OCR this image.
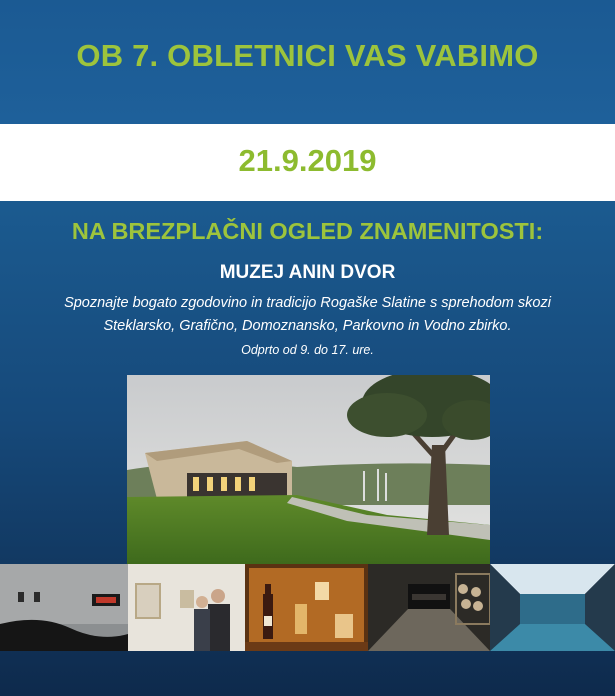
OB 7. OBLETNICI VAS VABIMO
21.9.2019
NA BREZPLAČNI OGLED ZNAMENITOSTI:
MUZEJ ANIN DVOR
Spoznajte bogato zgodovino in tradicijo Rogaške Slatine s sprehodom skozi
Steklarsko, Grafično, Domoznansko, Parkovno in Vodno zbirko.
Odprto od 9. do 17. ure.
